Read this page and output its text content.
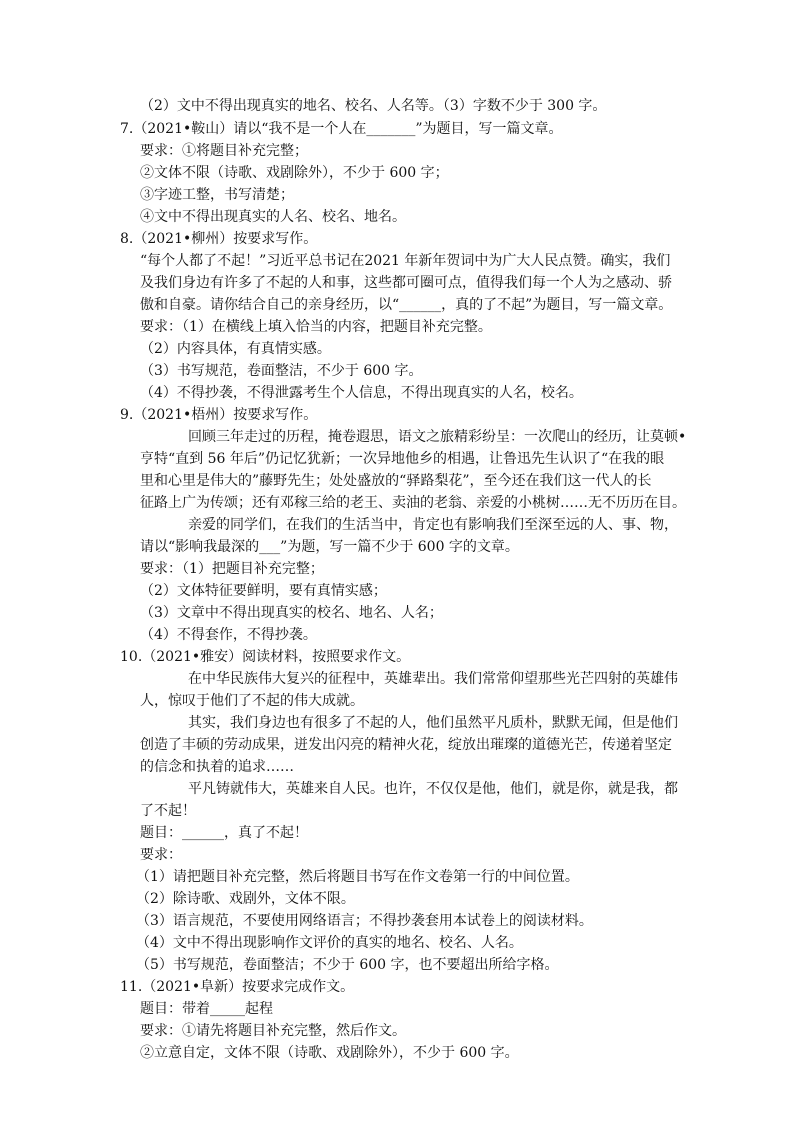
（2）文中不得出现真实的地名、校名、人名等。（3）字数不少于 300 字。
7.（2021•鞍山）请以“我不是一个人在_______”为题目，写一篇文章。
要求：①将题目补充完整；
②文体不限（诗歌、戏剧除外），不少于 600 字；
③字迹工整，书写清楚；
④文中不得出现真实的人名、校名、地名。
8.（2021•柳州）按要求写作。
“每个人都了不起！”习近平总书记在2021 年新年贺词中为广大人民点赞。确实，我们
及我们身边有许多了不起的人和事，这些都可圈可点，值得我们每一个人为之感动、骄
傲和自豪。请你结合自己的亲身经历，以“______，真的了不起”为题目，写一篇文章。
要求：（1）在横线上填入恰当的内容，把题目补充完整。
（2）内容具体，有真情实感。
（3）书写规范，卷面整洁，不少于 600 字。
（4）不得抄袭，不得泄露考生个人信息，不得出现真实的人名，校名。
9.（2021•梧州）按要求写作。
回顾三年走过的历程，掩卷遐思，语文之旅精彩纷呈：一次爬山的经历，让莫顿•
亨特“直到 56 年后”仍记忆犹新；一次异地他乡的相遇，让鲁迅先生认识了“在我的眼
里和心里是伟大的”藤野先生；处处盛放的“驿路梨花”，至今还在我们这一代人的长
征路上广为传颂；还有邓稼三给的老王、卖油的老翁、亲爱的小桃树……无不历历在目。
亲爱的同学们，在我们的生活当中，肯定也有影响我们至深至远的人、事、物，
请以“影响我最深的___”为题，写一篇不少于 600 字的文章。
要求：（1）把题目补充完整；
（2）文体特征要鲜明，要有真情实感；
（3）文章中不得出现真实的校名、地名、人名；
（4）不得套作，不得抄袭。
10.（2021•雅安）阅读材料，按照要求作文。
在中华民族伟大复兴的征程中，英雄辈出。我们常常仰望那些光芒四射的英雄伟
人，惊叹于他们了不起的伟大成就。
其实，我们身边也有很多了不起的人，他们虽然平凡质朴，默默无闻，但是他们
创造了丰硕的劳动成果，迸发出闪亮的精神火花，绽放出璀璨的道德光芒，传递着坚定
的信念和执着的追求……
平凡铸就伟大，英雄来自人民。也许，不仅仅是他，他们，就是你，就是我，都
了不起！
题目：______，真了不起！
要求：
（1）请把题目补充完整，然后将题目书写在作文卷第一行的中间位置。
（2）除诗歌、戏剧外，文体不限。
（3）语言规范，不要使用网络语言；不得抄袭套用本试卷上的阅读材料。
（4）文中不得出现影响作文评价的真实的地名、校名、人名。
（5）书写规范，卷面整洁；不少于 600 字，也不要超出所给字格。
11.（2021•阜新）按要求完成作文。
题目：带着_____起程
要求：①请先将题目补充完整，然后作文。
②立意自定，文体不限（诗歌、戏剧除外），不少于 600 字。
